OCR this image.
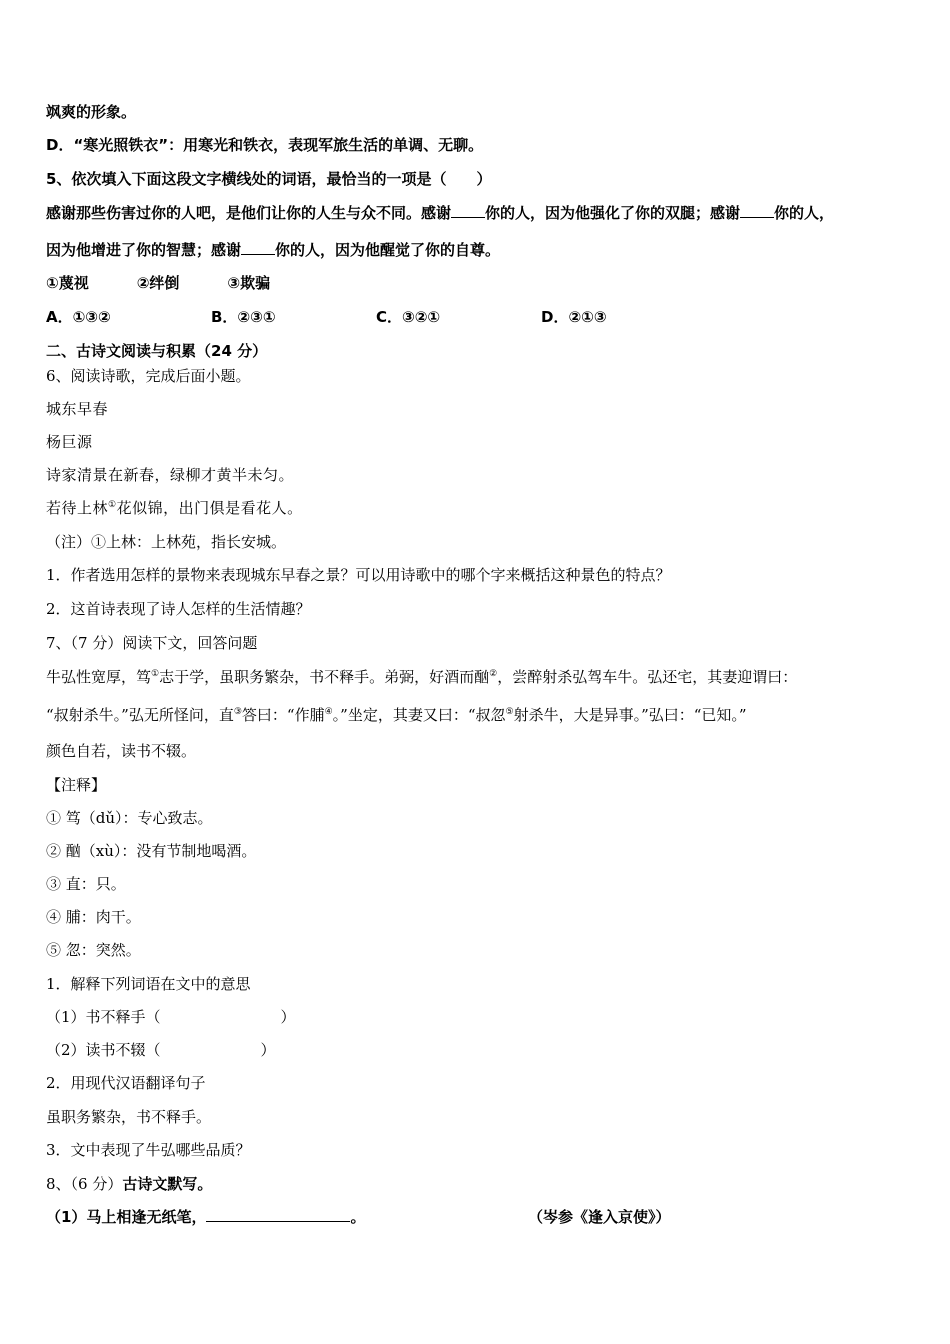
飒爽的形象。
D．“寒光照铁衣”：用寒光和铁衣，表现军旅生活的单调、无聊。
5、依次填入下面这段文字横线处的词语，最恰当的一项是（　　）
感谢那些伤害过你的人吧，是他们让你的人生与众不同。感谢 你的人，因为他强化了你的双腿；感谢 你的人，
因为他增进了你的智慧；感谢 你的人，因为他醒觉了你的自尊。
①蔑视	②绊倒	③欺骗
A．①③②	B．②③①	C．③②①	D．②①③
二、古诗文阅读与积累（24 分）
6、阅读诗歌，完成后面小题。
城东早春
杨巨源
诗家清景在新春，绿柳才黄半未匀。
若待上林①花似锦，出门俱是看花人。
（注）①上林：上林苑，指长安城。
1．作者选用怎样的景物来表现城东早春之景？可以用诗歌中的哪个字来概括这种景色的特点？
2．这首诗表现了诗人怎样的生活情趣？
7、（7 分）阅读下文，回答问题
牛弘性宽厚，笃①志于学，虽职务繁杂，书不释手。弟弼，好酒而酗②，尝醉射杀弘驾车牛。弘还宅，其妻迎谓曰：
“叔射杀牛。”弘无所怪问，直③答曰：“作脯④。”坐定，其妻又曰：“叔忽⑤射杀牛，大是异事。”弘曰：“已知。”
颜色自若，读书不辍。
【注释】
① 笃（dǔ）：专心致志。
② 酗（xù）：没有节制地喝酒。
③ 直：只。
④ 脯：肉干。
⑤ 忽：突然。
1．解释下列词语在文中的意思
（1）书不释手（	）
（2）读书不辍（	）
2．用现代汉语翻译句子
虽职务繁杂，书不释手。
3．文中表现了牛弘哪些品质？
8、（6 分）古诗文默写。
（1）马上相逢无纸笔，	。	（岑参《逢入京使》）
